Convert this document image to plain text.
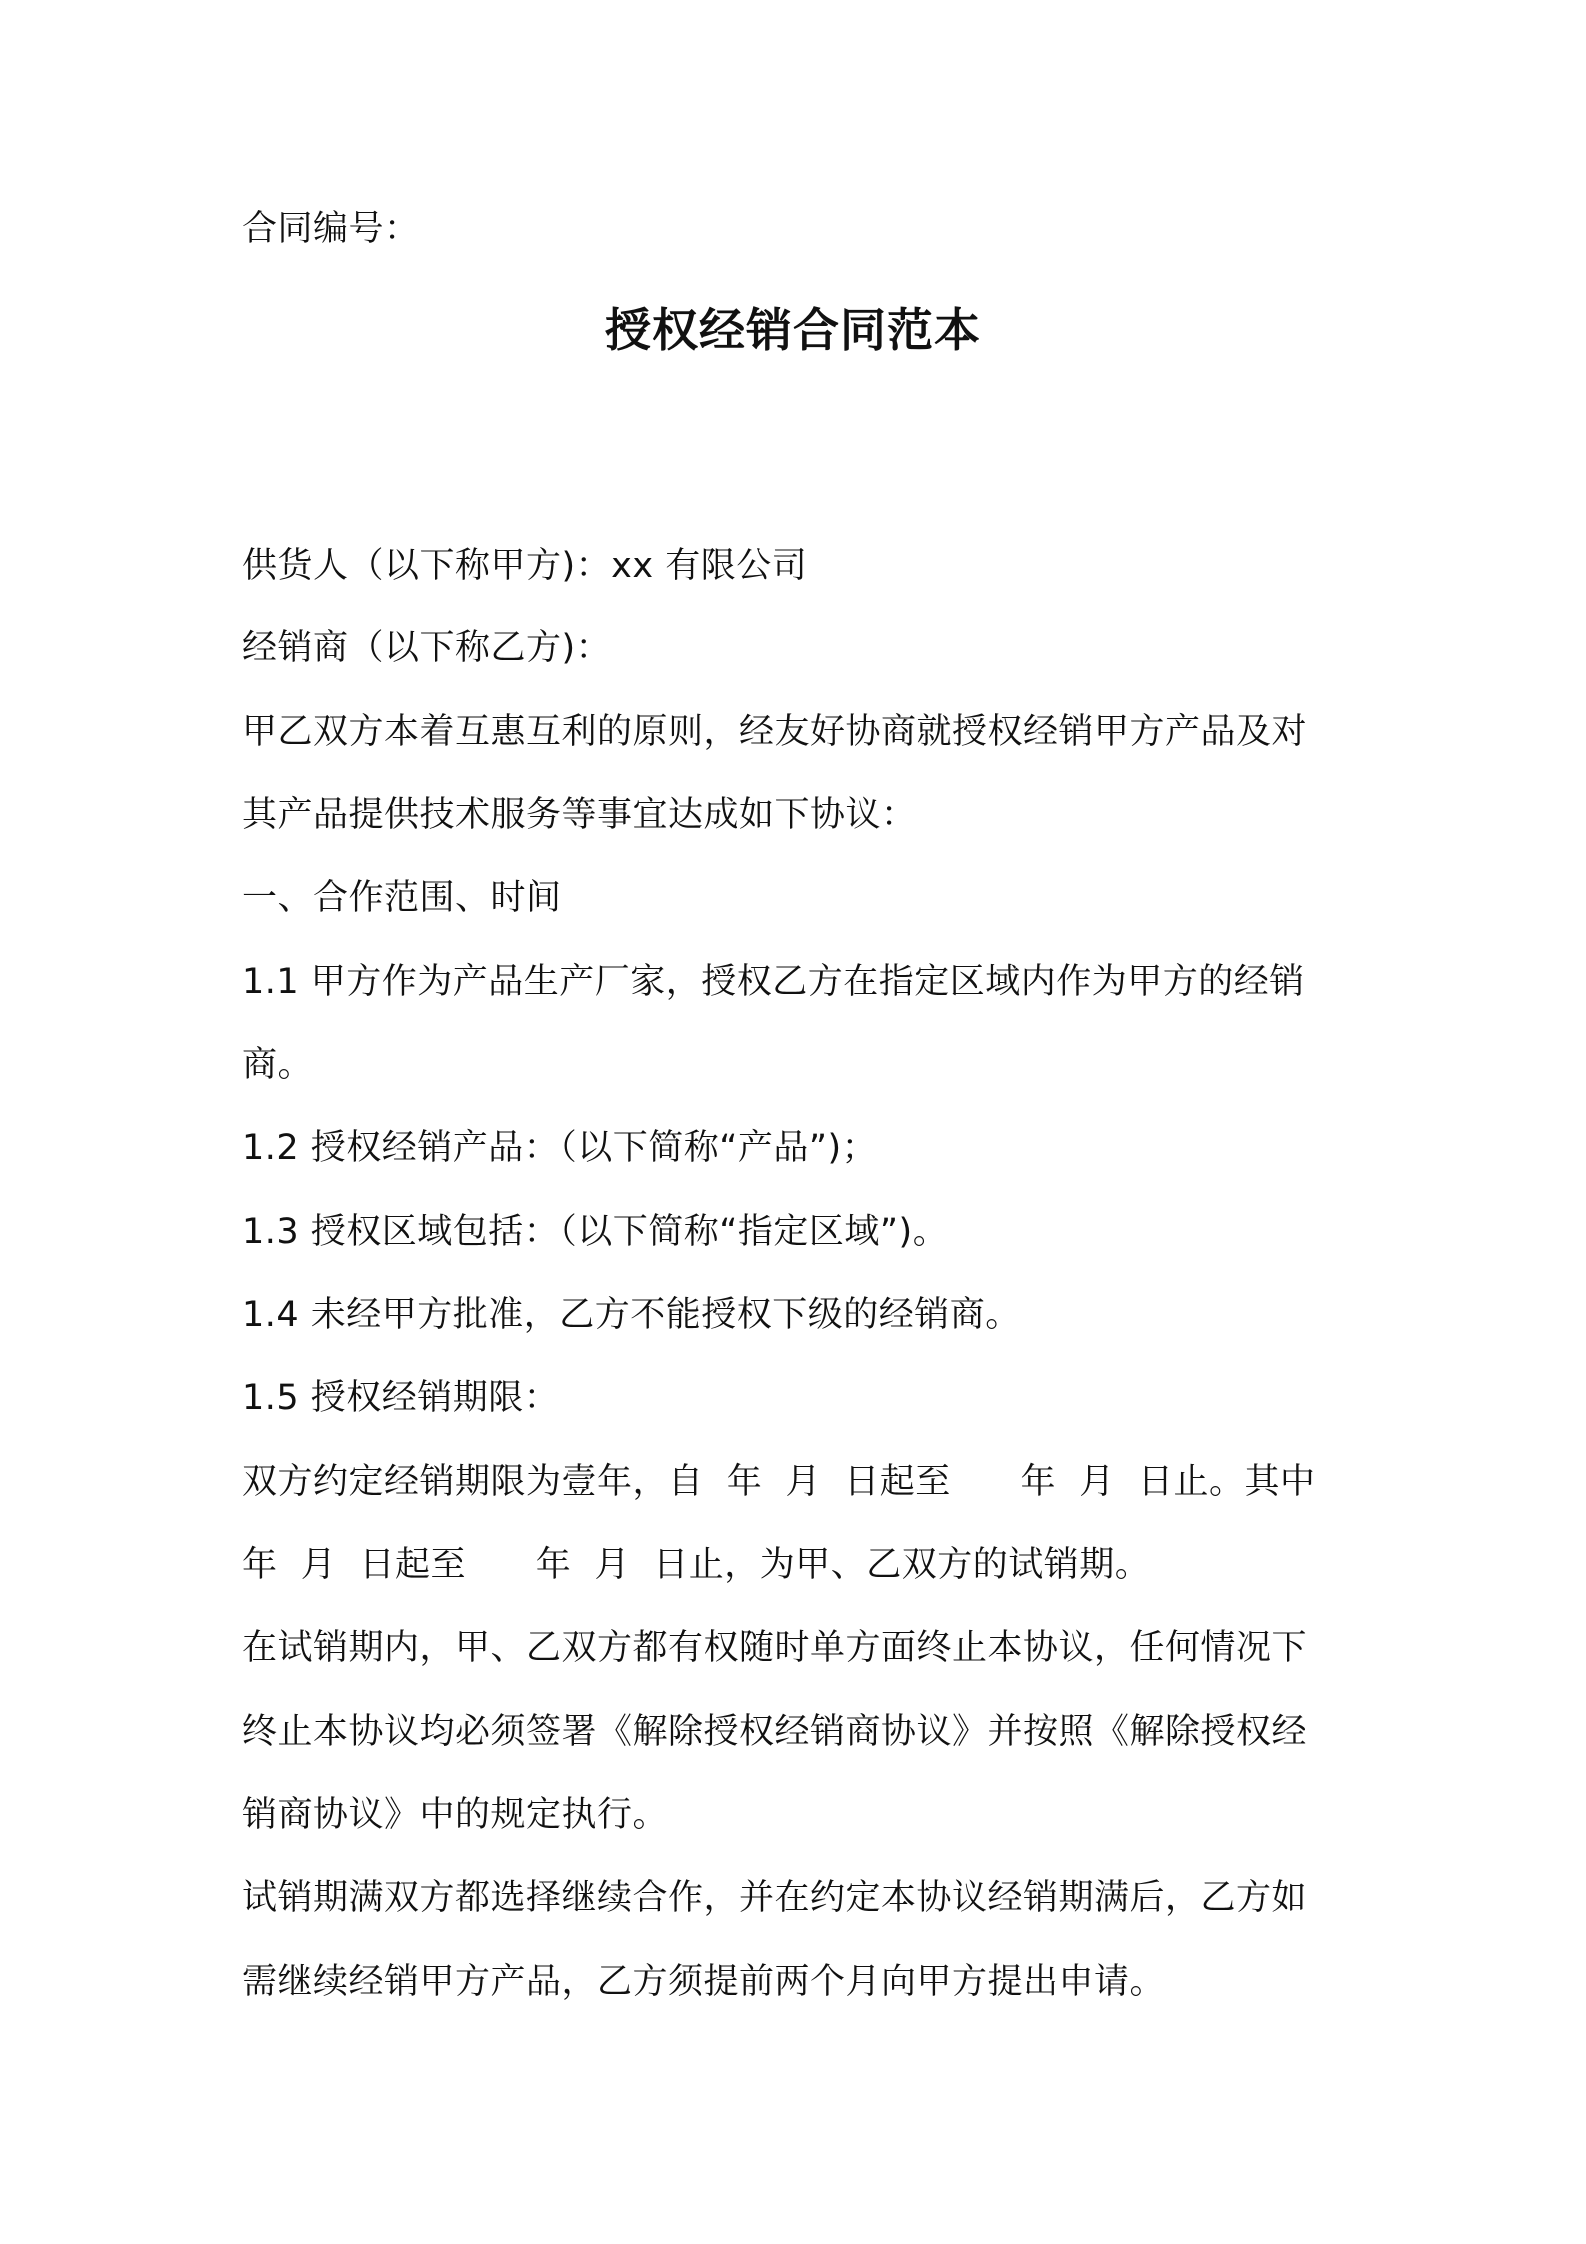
合同编号：
授权经销合同范本
供货人（以下称甲方)：xx 有限公司
经销商（以下称乙方)：
甲乙双方本着互惠互利的原则，经友好协商就授权经销甲方产品及对
其产品提供技术服务等事宜达成如下协议：
一、合作范围、时间
1.1 甲方作为产品生产厂家，授权乙方在指定区域内作为甲方的经销
商。
1.2 授权经销产品：（以下简称“产品”)；
1.3 授权区域包括：（以下简称“指定区域”)。
1.4 未经甲方批准，乙方不能授权下级的经销商。
1.5 授权经销期限：
双方约定经销期限为壹年，自  年  月  日起至      年  月  日止。其中
年  月  日起至      年  月  日止，为甲、乙双方的试销期。
在试销期内，甲、乙双方都有权随时单方面终止本协议，任何情况下
终止本协议均必须签署《解除授权经销商协议》并按照《解除授权经
销商协议》中的规定执行。
试销期满双方都选择继续合作，并在约定本协议经销期满后，乙方如
需继续经销甲方产品，乙方须提前两个月向甲方提出申请。
